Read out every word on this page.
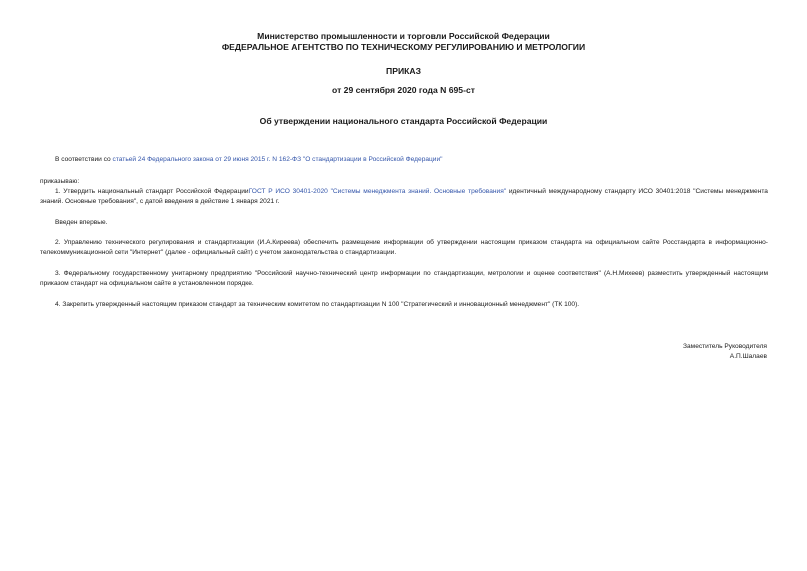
Министерство промышленности и торговли Российской Федерации
ФЕДЕРАЛЬНОЕ АГЕНТСТВО ПО ТЕХНИЧЕСКОМУ РЕГУЛИРОВАНИЮ И МЕТРОЛОГИИ
ПРИКАЗ
от 29 сентября 2020 года N 695-ст
Об утверждении национального стандарта Российской Федерации
В соответствии со статьей 24 Федерального закона от 29 июня 2015 г. N 162-ФЗ "О стандартизации в Российской Федерации"
приказываю:
1. Утвердить национальный стандарт Российской ФедерацииГОСТ Р ИСО 30401-2020 "Системы менеджмента знаний. Основные требования" идентичный международному стандарту ИСО 30401:2018 "Системы менеджмента знаний. Основные требования", с датой введения в действие 1 января 2021 г.
Введен впервые.
2. Управлению технического регулирования и стандартизации (И.А.Киреева) обеспечить размещение информации об утверждении настоящим приказом стандарта на официальном сайте Росстандарта в информационно-телекоммуникационной сети "Интернет" (далее - официальный сайт) с учетом законодательства о стандартизации.
3. Федеральному государственному унитарному предприятию "Российский научно-технический центр информации по стандартизации, метрологии и оценке соответствия" (А.Н.Михеев) разместить утвержденный настоящим приказом стандарт на официальном сайте в установленном порядке.
4. Закрепить утвержденный настоящим приказом стандарт за техническим комитетом по стандартизации N 100 "Стратегический и инновационный менеджмент" (ТК 100).
Заместитель Руководителя
А.П.Шалаев
